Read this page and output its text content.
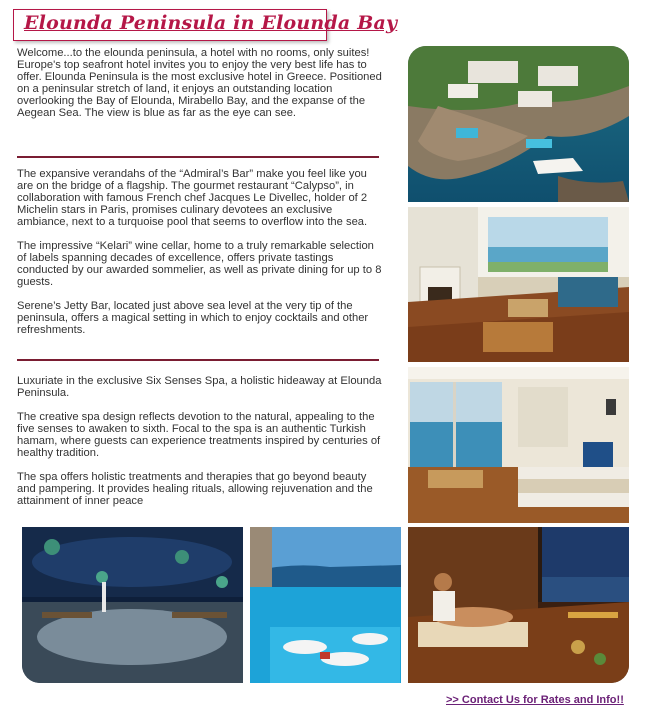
Elounda Peninsula in Elounda Bay

Welcome...to the elounda peninsula, a hotel with no rooms, only suites!

Europe's top seafront hotel invites you to enjoy the very best life has to offer. Elounda Peninsula is the most exclusive hotel in Greece. Positioned on a peninsular stretch of land, it enjoys an outstanding location overlooking the Bay of Elounda, Mirabello Bay, and the expanse of the Aegean Sea. The view is blue as far as the eye can see.

The expansive verandahs of the “Admiral’s Bar” make you feel like you are on the bridge of a flagship. The gourmet restaurant “Calypso”, in collaboration with famous French chef Jacques Le Divellec, holder of 2 Michelin stars in Paris, promises culinary devotees an exclusive ambiance, next to a turquoise pool that seems to overflow into the sea.

The impressive “Kelari” wine cellar, home to a truly remarkable selection of labels spanning decades of excellence, offers private tastings conducted by our awarded sommelier, as well as private dining for up to 8 guests.

Serene’s Jetty Bar, located just above sea level at the very tip of the peninsula, offers a magical setting in which to enjoy cocktails and other refreshments.

Luxuriate in the exclusive Six Senses Spa, a holistic hideaway at Elounda Peninsula.

The creative spa design reflects devotion to the natural, appealing to the five senses to awaken to sixth. Focal to the spa is an authentic Turkish hamam, where guests can experience treatments inspired by centuries of healthy tradition.

The spa offers holistic treatments and therapies that go beyond beauty and pampering. It provides healing rituals, allowing rejuvenation and the attainment of inner peace

>> Contact Us for Rates and Info!!
